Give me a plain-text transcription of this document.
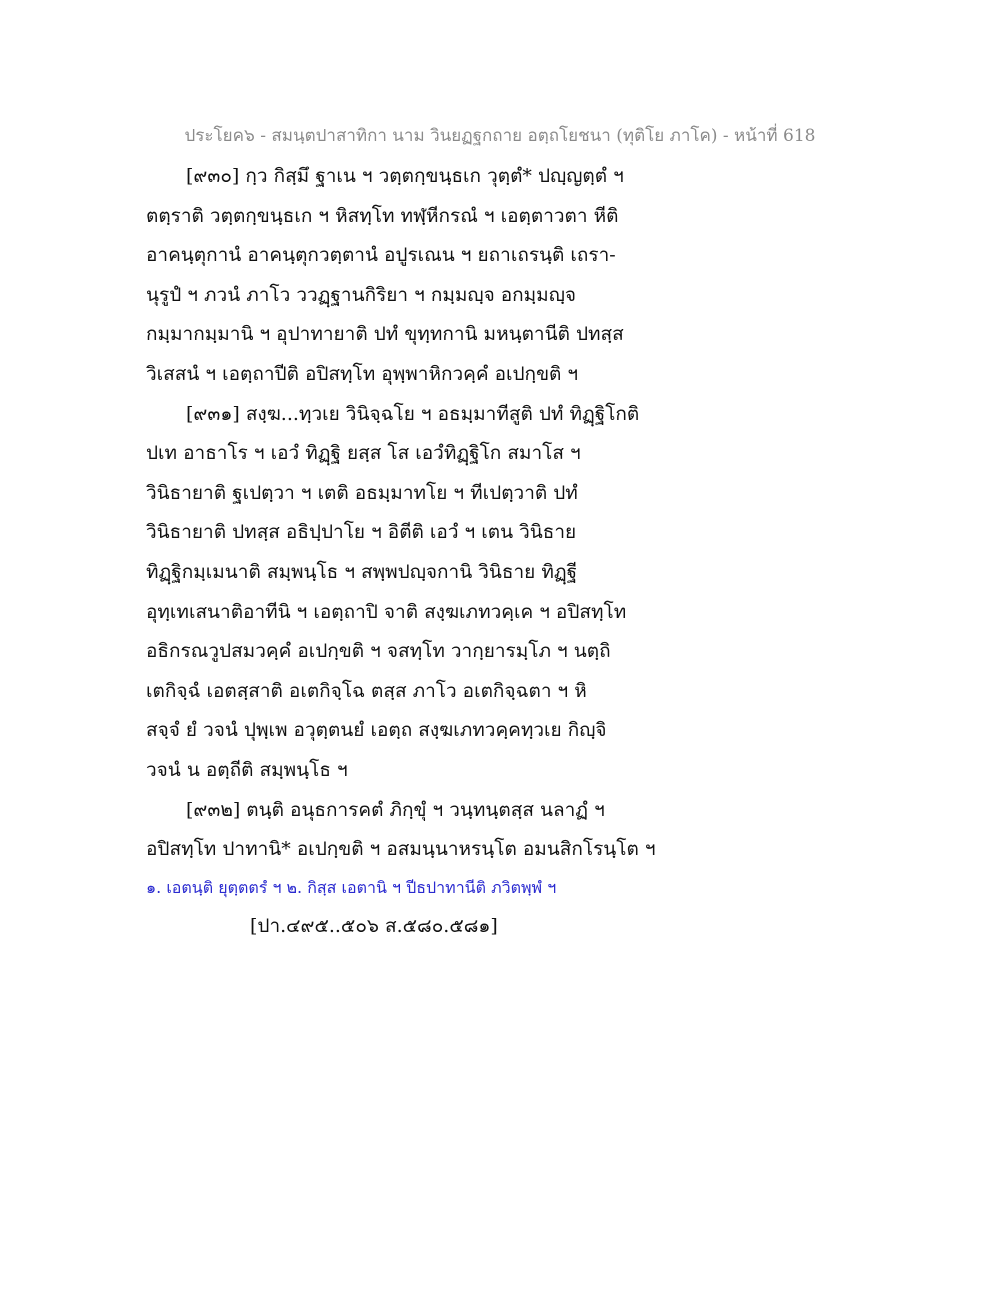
ประโยค๖ - สมนฺตปาสาทิกา นาม วินยฏฐกถาย อตฺถโยชนา (ทุติโย ภาโค) - หน้าที่ 618
[๙๓๐] กฺว กิสฺมึ ฐาเน ฯ วตฺตกฺขนฺธเก วุตฺตํ* ปญฺญตฺตํ ฯ
ตตฺราติ วตฺตกฺขนฺธเก ฯ หิสทฺโท ทฬฺหีกรณํ ฯ เอตฺตาวตา หีติ
อาคนฺตุกานํ อาคนฺตุกวตฺตานํ อปูรเณน ฯ ยถาเถรนฺติ เถรา-
นุรูปํ ฯ ภวนํ ภาโว ววฏฺฐานกิริยา ฯ กมฺมญฺจ อกมฺมญฺจ
กมฺมากมฺมานิ ฯ อุปาทายาติ ปทํ ขุทฺทกานิ มหนฺตานีติ ปทสฺส
วิเสสนํ ฯ เอตฺถาปีติ อปิสทฺโท อุพฺพาหิกวคฺคํ อเปกฺขติ ฯ
[๙๓๑] สงฺฆ...ทฺวเย วินิจฺฉโย ฯ อธมฺมาทีสูติ ปทํ ทิฏฺฐิโกติ
ปเท อาธาโร ฯ เอวํ ทิฏฺฐิ ยสฺส โส เอวํทิฏฺฐิโก สมาโส ฯ
วินิธายาติ ฐเปตฺวา ฯ เตติ อธมฺมาทโย ฯ ทีเปตฺวาติ ปทํ
วินิธายาติ ปทสฺส อธิปฺปาโย ฯ อิตีติ เอวํ ฯ เตน วินิธาย
ทิฏฺฐิกมฺเมนาติ สมฺพนฺโธ ฯ สพฺพปญฺจกานิ วินิธาย ทิฏฺฐี
อุทฺเทเสนาติอาทีนิ ฯ เอตฺถาปิ จาติ สงฺฆเภทวคฺเค ฯ อปิสทฺโท
อธิกรณวูปสมวคฺคํ อเปกฺขติ ฯ จสทฺโท วากฺยารมฺโภ ฯ นตฺถิ
เตกิจฺฉํ เอตสฺสาติ อเตกิจฺโฉ ตสฺส ภาโว อเตกิจฺฉตา ฯ หิ
สจฺจํ ยํ วจนํ ปุพฺเพ อวุตฺตนยํ เอตฺถ สงฺฆเภทวคฺคทฺวเย กิญฺจิ
วจนํ น อตฺถีติ สมฺพนฺโธ ฯ
[๙๓๒] ตนฺติ อนุธการคตํ ภิกฺขุํ ฯ วนฺทนฺตสฺส นลาฏํ ฯ
อปิสทฺโท ปาทานิ* อเปกฺขติ ฯ อสมนฺนาหรนฺโต อมนสิกโรนฺโต ฯ
๑. เอตนฺติ ยุตฺตตรํ ฯ ๒. กิสฺส เอตานิ ฯ ปีธปาทานีติ ภวิตพฺพํ ฯ
[ปา.๔๙๕..๕๐๖ ส.๕๘๐.๕๘๑]
